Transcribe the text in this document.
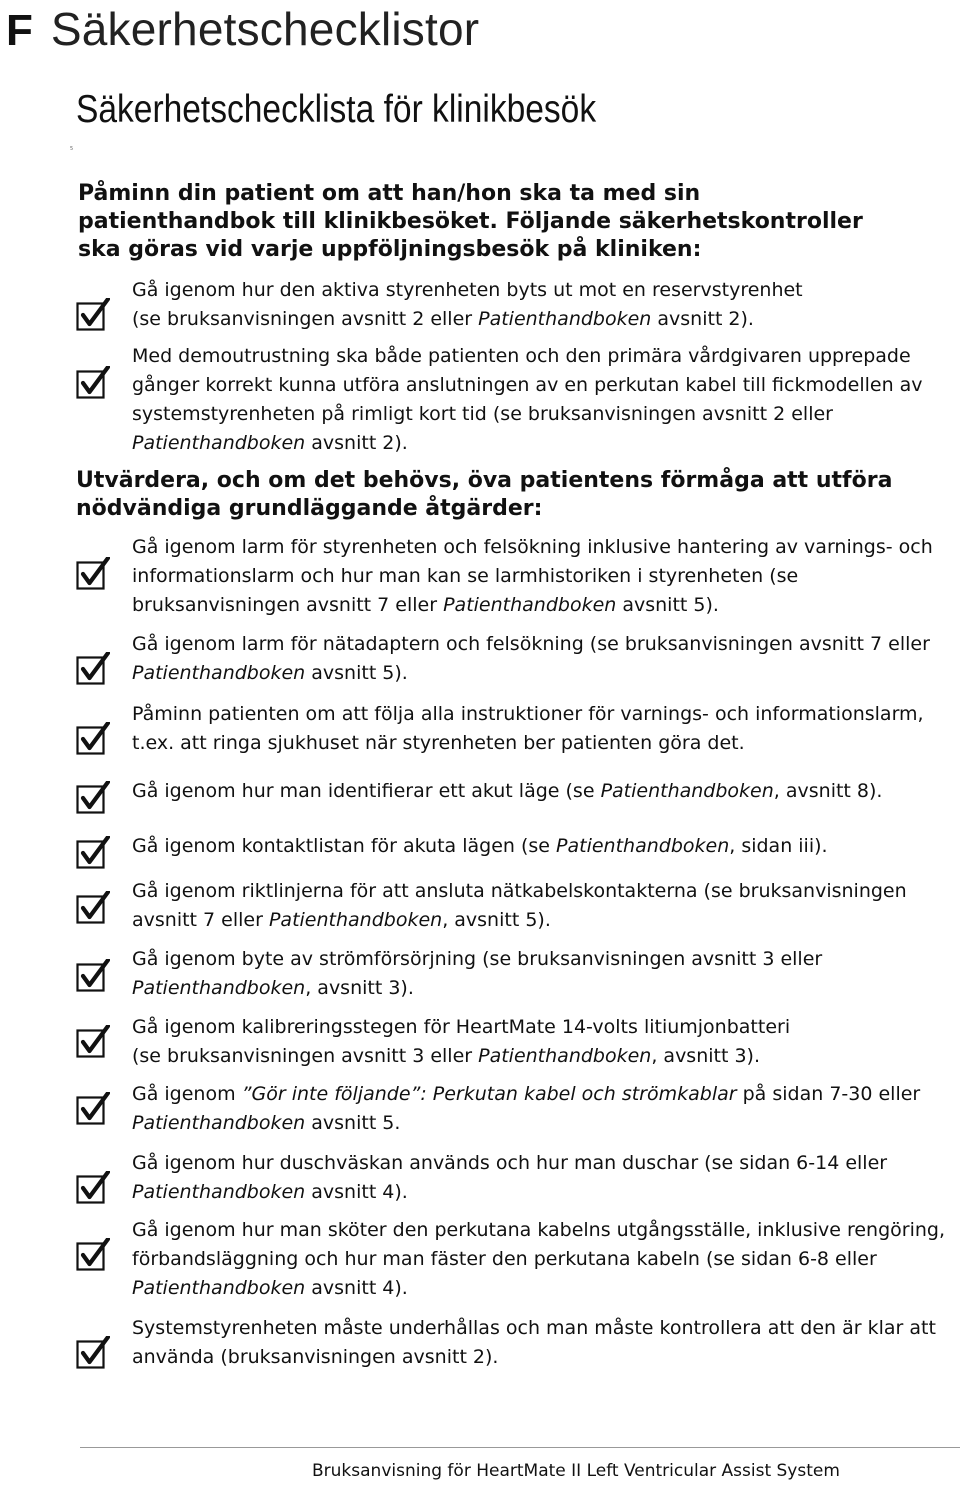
F Säkerhetschecklistor
Säkerhetschecklista för klinikbesök
5
Påminn din patient om att han/hon ska ta med sin patienthandbok till klinikbesöket. Följande säkerhetskontroller ska göras vid varje uppföljningsbesök på kliniken:
Gå igenom hur den aktiva styrenheten byts ut mot en reservstyrenhet
(se bruksanvisningen avsnitt 2 eller Patienthandboken avsnitt 2).
Med demoutrustning ska både patienten och den primära vårdgivaren upprepade gånger korrekt kunna utföra anslutningen av en perkutan kabel till fickmodellen av systemstyrenheten på rimligt kort tid (se bruksanvisningen avsnitt 2 eller Patienthandboken avsnitt 2).
Utvärdera, och om det behövs, öva patientens förmåga att utföra nödvändiga grundläggande åtgärder:
Gå igenom larm för styrenheten och felsökning inklusive hantering av varnings- och informationslarm och hur man kan se larmhistoriken i styrenheten (se bruksanvisningen avsnitt 7 eller Patienthandboken avsnitt 5).
Gå igenom larm för nätadaptern och felsökning (se bruksanvisningen avsnitt 7 eller Patienthandboken avsnitt 5).
Påminn patienten om att följa alla instruktioner för varnings- och informationslarm, t.ex. att ringa sjukhuset när styrenheten ber patienten göra det.
Gå igenom hur man identifierar ett akut läge (se Patienthandboken, avsnitt 8).
Gå igenom kontaktlistan för akuta lägen (se Patienthandboken, sidan iii).
Gå igenom riktlinjerna för att ansluta nätkabelskontakterna (se bruksanvisningen avsnitt 7 eller Patienthandboken, avsnitt 5).
Gå igenom byte av strömförsörjning (se bruksanvisningen avsnitt 3 eller Patienthandboken, avsnitt 3).
Gå igenom kalibreringsstegen för HeartMate 14-volts litiumjonbatteri
(se bruksanvisningen avsnitt 3 eller Patienthandboken, avsnitt 3).
Gå igenom ”Gör inte följande”: Perkutan kabel och strömkablar på sidan 7-30 eller Patienthandboken avsnitt 5.
Gå igenom hur duschväskan används och hur man duschar (se sidan 6-14 eller Patienthandboken avsnitt 4).
Gå igenom hur man sköter den perkutana kabelns utgångsställe, inklusive rengöring, förbandsläggning och hur man fäster den perkutana kabeln (se sidan 6-8 eller Patienthandboken avsnitt 4).
Systemstyrenheten måste underhållas och man måste kontrollera att den är klar att använda (bruksanvisningen avsnitt 2).
Bruksanvisning för HeartMate II Left Ventricular Assist System
